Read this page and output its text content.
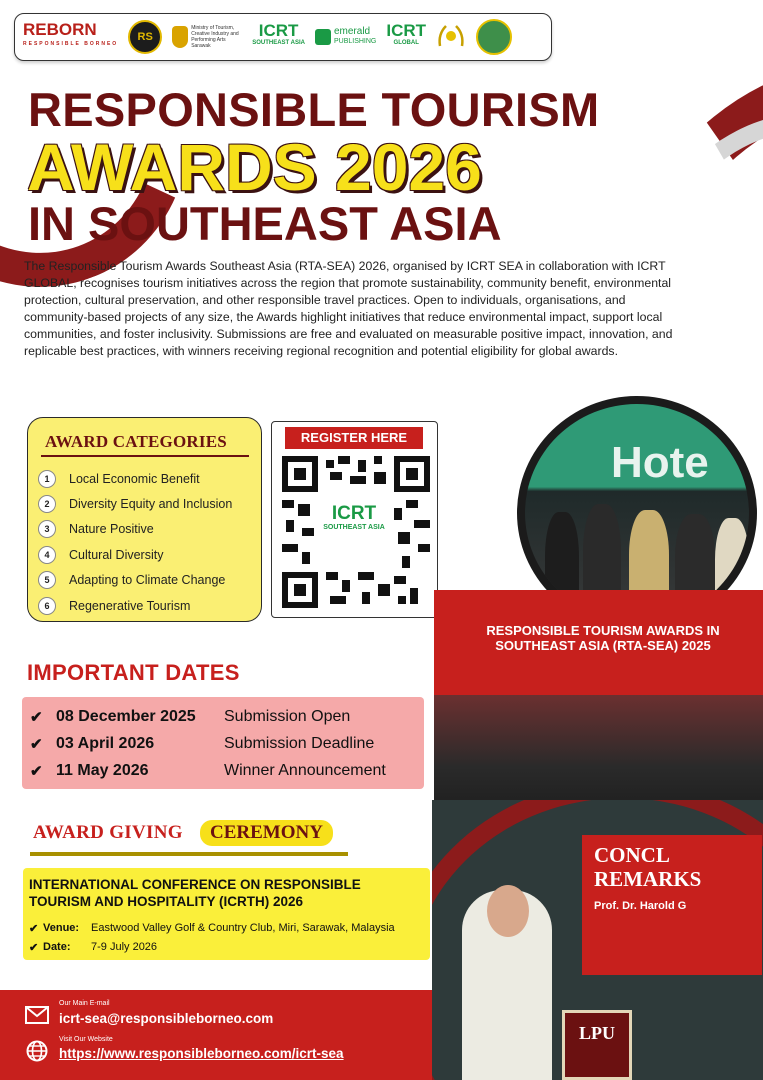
REBORN
RESPONSIBLE BORNEO
RS
Ministry of Tourism, Creative Industry and Performing Arts Sarawak
ICRT
SOUTHEAST ASIA
emerald
PUBLISHING
ICRT
GLOBAL
RESPONSIBLE TOURISM
AWARDS 2026
IN SOUTHEAST ASIA
The Responsible Tourism Awards Southeast Asia (RTA-SEA) 2026, organised by ICRT SEA in collaboration with ICRT GLOBAL, recognises tourism initiatives across the region that promote sustainability, community benefit, environmental protection, cultural preservation, and other responsible travel practices. Open to individuals, organisations, and community-based projects of any size, the Awards highlight initiatives that reduce environmental impact, support local communities, and foster inclusivity. Submissions are free and evaluated on measurable positive impact, innovation, and replicable best practices, with winners receiving regional recognition and potential eligibility for global awards.
AWARD CATEGORIES
1	Local Economic Benefit
2	Diversity Equity and Inclusion
3	Nature Positive
4	Cultural Diversity
5	Adapting to Climate Change
6	Regenerative Tourism
REGISTER HERE
ICRT
SOUTHEAST ASIA
Hote
RESPONSIBLE TOURISM AWARDS IN SOUTHEAST ASIA (RTA-SEA) 2025
CONCL REMARKS
Prof. Dr. Harold G
LPU
IMPORTANT DATES
✔ 08 December 2025	Submission Open
✔ 03 April 2026	Submission Deadline
✔ 11 May 2026	Winner Announcement
AWARD GIVING	CEREMONY
INTERNATIONAL CONFERENCE ON RESPONSIBLE TOURISM AND HOSPITALITY (ICRTH) 2026
✔ Venue:	Eastwood Valley Golf & Country Club, Miri, Sarawak, Malaysia
✔ Date:	7-9 July 2026
Our Main E-mail
icrt-sea@responsibleborneo.com
Visit Our Website
https://www.responsibleborneo.com/icrt-sea
